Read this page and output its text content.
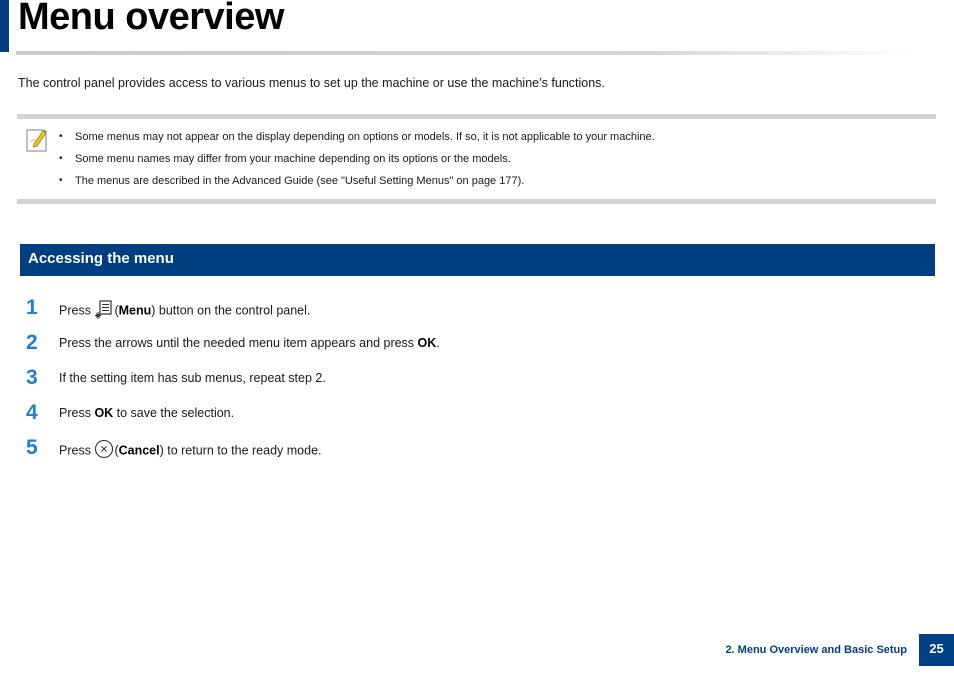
Menu overview

The control panel provides access to various menus to set up the machine or use the machine’s functions.

• Some menus may not appear on the display depending on options or models. If so, it is not applicable to your machine.
• Some menu names may differ from your machine depending on its options or the models.
• The menus are described in the Advanced Guide (see "Useful Setting Menus" on page 177).
Accessing the menu
1	Press (Menu) button on the control panel.
2	Press the arrows until the needed menu item appears and press OK.
3	If the setting item has sub menus, repeat step 2.
4	Press OK to save the selection.
5	Press (Cancel) to return to the ready mode.
2. Menu Overview and Basic Setup	25
